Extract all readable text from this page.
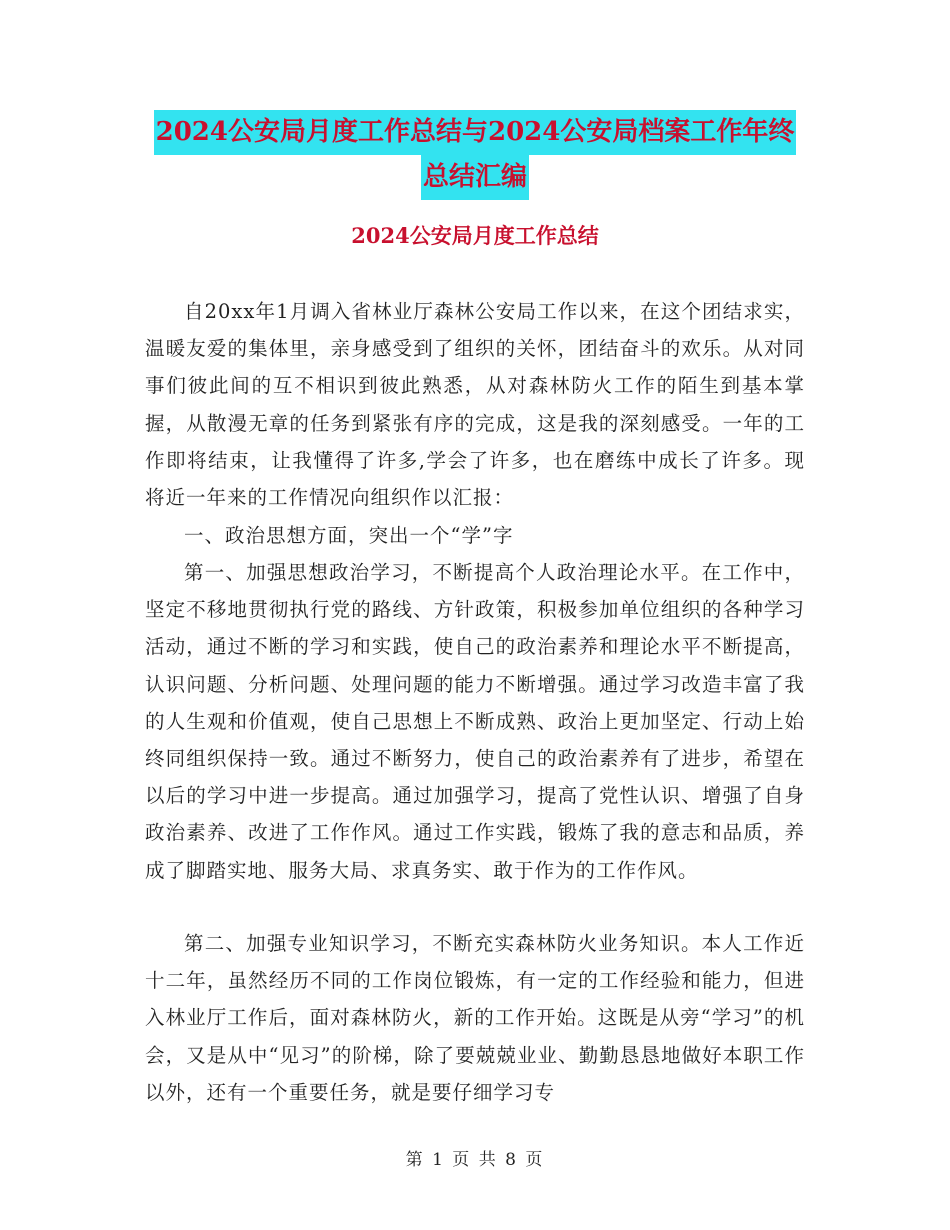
2024公安局月度工作总结与2024公安局档案工作年终
总结汇编
2024公安局月度工作总结

自20xx年1月调入省林业厅森林公安局工作以来，在这个团结求实，温暖友爱的集体里，亲身感受到了组织的关怀，团结奋斗的欢乐。从对同事们彼此间的互不相识到彼此熟悉，从对森林防火工作的陌生到基本掌握，从散漫无章的任务到紧张有序的完成，这是我的深刻感受。一年的工作即将结束，让我懂得了许多,学会了许多，也在磨练中成长了许多。现将近一年来的工作情况向组织作以汇报：

一、政治思想方面，突出一个“学”字

第一、加强思想政治学习，不断提高个人政治理论水平。在工作中，坚定不移地贯彻执行党的路线、方针政策，积极参加单位组织的各种学习活动，通过不断的学习和实践，使自己的政治素养和理论水平不断提高，认识问题、分析问题、处理问题的能力不断增强。通过学习改造丰富了我的人生观和价值观，使自己思想上不断成熟、政治上更加坚定、行动上始终同组织保持一致。通过不断努力，使自己的政治素养有了进步，希望在以后的学习中进一步提高。通过加强学习，提高了党性认识、增强了自身政治素养、改进了工作作风。通过工作实践，锻炼了我的意志和品质，养成了脚踏实地、服务大局、求真务实、敢于作为的工作作风。

第二、加强专业知识学习，不断充实森林防火业务知识。本人工作近十二年，虽然经历不同的工作岗位锻炼，有一定的工作经验和能力，但进入林业厅工作后，面对森林防火，新的工作开始。这既是从旁“学习”的机会，又是从中“见习”的阶梯，除了要兢兢业业、勤勤恳恳地做好本职工作以外，还有一个重要任务，就是要仔细学习专

第 1 页 共 8 页
